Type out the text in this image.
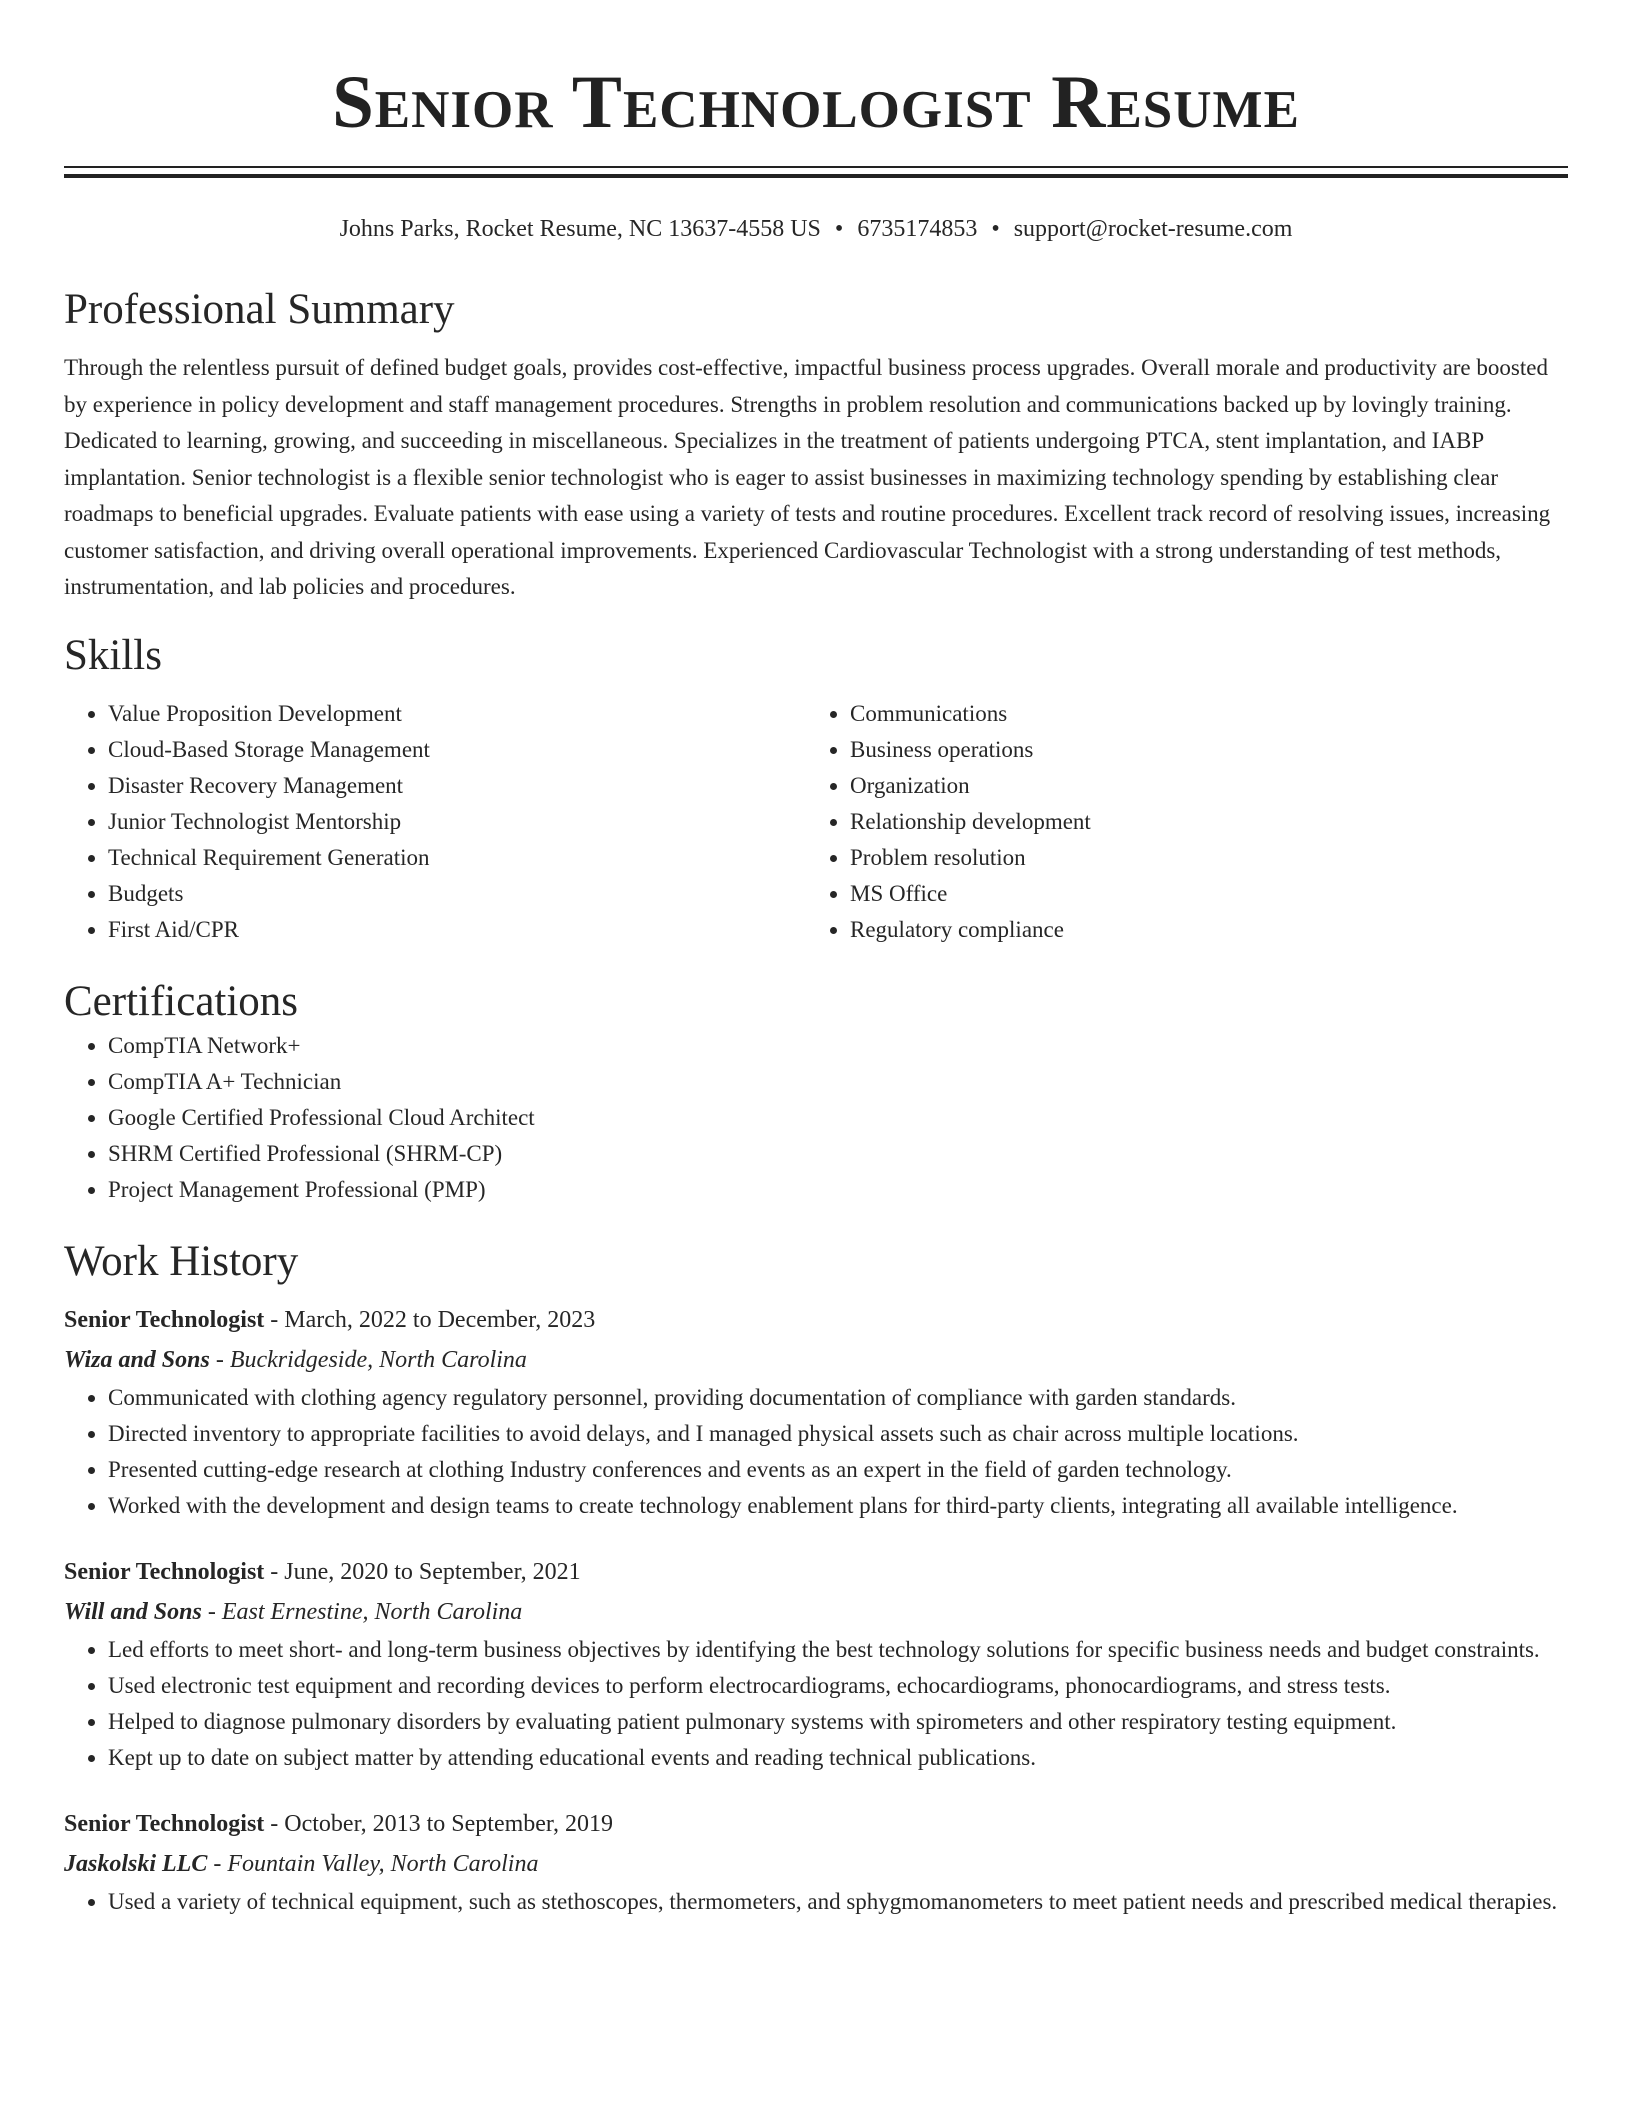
Senior Technologist Resume
Johns Parks, Rocket Resume, NC 13637-4558 US • 6735174853 • support@rocket-resume.com
Professional Summary
Through the relentless pursuit of defined budget goals, provides cost-effective, impactful business process upgrades. Overall morale and productivity are boosted by experience in policy development and staff management procedures. Strengths in problem resolution and communications backed up by lovingly training. Dedicated to learning, growing, and succeeding in miscellaneous. Specializes in the treatment of patients undergoing PTCA, stent implantation, and IABP implantation. Senior technologist is a flexible senior technologist who is eager to assist businesses in maximizing technology spending by establishing clear roadmaps to beneficial upgrades. Evaluate patients with ease using a variety of tests and routine procedures. Excellent track record of resolving issues, increasing customer satisfaction, and driving overall operational improvements. Experienced Cardiovascular Technologist with a strong understanding of test methods, instrumentation, and lab policies and procedures.
Skills
• Value Proposition Development
• Cloud-Based Storage Management
• Disaster Recovery Management
• Junior Technologist Mentorship
• Technical Requirement Generation
• Budgets
• First Aid/CPR
• Communications
• Business operations
• Organization
• Relationship development
• Problem resolution
• MS Office
• Regulatory compliance
Certifications
• CompTIA Network+
• CompTIA A+ Technician
• Google Certified Professional Cloud Architect
• SHRM Certified Professional (SHRM-CP)
• Project Management Professional (PMP)
Work History
Senior Technologist - March, 2022 to December, 2023
Wiza and Sons - Buckridgeside, North Carolina
• Communicated with clothing agency regulatory personnel, providing documentation of compliance with garden standards.
• Directed inventory to appropriate facilities to avoid delays, and I managed physical assets such as chair across multiple locations.
• Presented cutting-edge research at clothing Industry conferences and events as an expert in the field of garden technology.
• Worked with the development and design teams to create technology enablement plans for third-party clients, integrating all available intelligence.
Senior Technologist - June, 2020 to September, 2021
Will and Sons - East Ernestine, North Carolina
• Led efforts to meet short- and long-term business objectives by identifying the best technology solutions for specific business needs and budget constraints.
• Used electronic test equipment and recording devices to perform electrocardiograms, echocardiograms, phonocardiograms, and stress tests.
• Helped to diagnose pulmonary disorders by evaluating patient pulmonary systems with spirometers and other respiratory testing equipment.
• Kept up to date on subject matter by attending educational events and reading technical publications.
Senior Technologist - October, 2013 to September, 2019
Jaskolski LLC - Fountain Valley, North Carolina
• Used a variety of technical equipment, such as stethoscopes, thermometers, and sphygmomanometers to meet patient needs and prescribed medical therapies.
